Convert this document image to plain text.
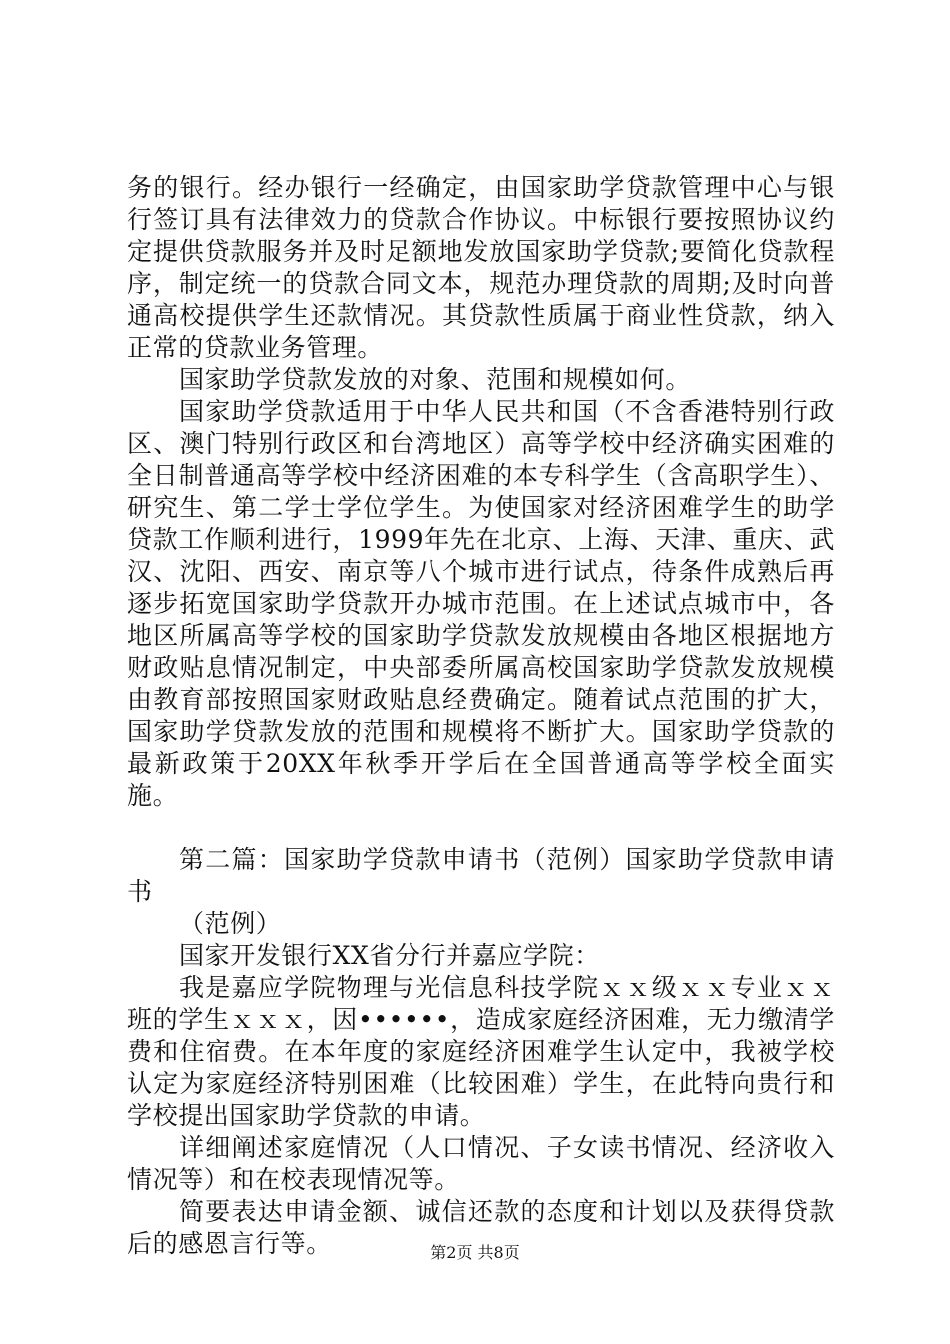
务的银行。经办银行一经确定，由国家助学贷款管理中心与银行签订具有法律效力的贷款合作协议。中标银行要按照协议约定提供贷款服务并及时足额地发放国家助学贷款;要简化贷款程序，制定统一的贷款合同文本，规范办理贷款的周期;及时向普通高校提供学生还款情况。其贷款性质属于商业性贷款，纳入正常的贷款业务管理。

国家助学贷款发放的对象、范围和规模如何。

国家助学贷款适用于中华人民共和国（不含香港特别行政区、澳门特别行政区和台湾地区）高等学校中经济确实困难的全日制普通高等学校中经济困难的本专科学生（含高职学生）、研究生、第二学士学位学生。为使国家对经济困难学生的助学贷款工作顺利进行，1999年先在北京、上海、天津、重庆、武汉、沈阳、西安、南京等八个城市进行试点，待条件成熟后再逐步拓宽国家助学贷款开办城市范围。在上述试点城市中，各地区所属高等学校的国家助学贷款发放规模由各地区根据地方财政贴息情况制定，中央部委所属高校国家助学贷款发放规模由教育部按照国家财政贴息经费确定。随着试点范围的扩大，国家助学贷款发放的范围和规模将不断扩大。国家助学贷款的最新政策于20XX年秋季开学后在全国普通高等学校全面实施。

第二篇：国家助学贷款申请书（范例）国家助学贷款申请书

（范例）

国家开发银行XX省分行并嘉应学院：

我是嘉应学院物理与光信息科技学院ｘｘ级ｘｘ专业ｘｘ班的学生ｘｘｘ，因••••••，造成家庭经济困难，无力缴清学费和住宿费。在本年度的家庭经济困难学生认定中，我被学校认定为家庭经济特别困难（比较困难）学生，在此特向贵行和学校提出国家助学贷款的申请。

详细阐述家庭情况（人口情况、子女读书情况、经济收入情况等）和在校表现情况等。

简要表达申请金额、诚信还款的态度和计划以及获得贷款后的感恩言行等。	第2页 共8页
